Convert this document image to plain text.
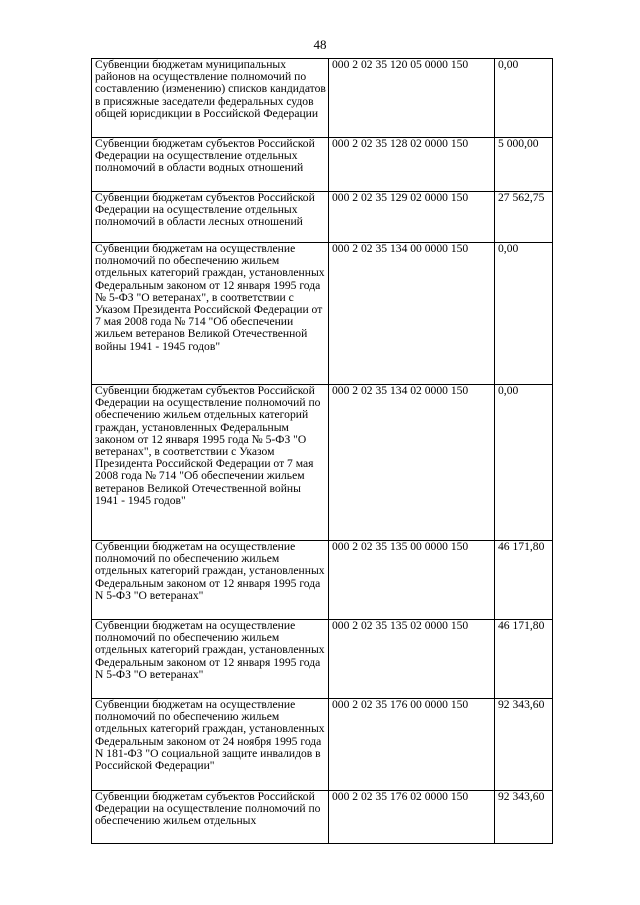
48
Субвенции бюджетам муниципальных районов на осуществление полномочий по составлению (изменению) списков кандидатов в присяжные заседатели федеральных судов общей юрисдикции в Российской Федерации	000 2 02 35 120 05 0000 150	0,00
Субвенции бюджетам субъектов Российской Федерации на осуществление отдельных полномочий в области водных отношений	000 2 02 35 128 02 0000 150	5 000,00
Субвенции бюджетам субъектов Российской Федерации на осуществление отдельных полномочий в области лесных отношений	000 2 02 35 129 02 0000 150	27 562,75
Субвенции бюджетам на осуществление полномочий по обеспечению жильем отдельных категорий граждан, установленных Федеральным законом от 12 января 1995 года № 5-ФЗ "О ветеранах", в соответствии с Указом Президента Российской Федерации от 7 мая 2008 года № 714 "Об обеспечении жильем ветеранов Великой Отечественной войны 1941 - 1945 годов"	000 2 02 35 134 00 0000 150	0,00
Субвенции бюджетам субъектов Российской Федерации на осуществление полномочий по обеспечению жильем отдельных категорий граждан, установленных Федеральным законом от 12 января 1995 года № 5-ФЗ "О ветеранах", в соответствии с Указом Президента Российской Федерации от 7 мая 2008 года № 714 "Об обеспечении жильем ветеранов Великой Отечественной войны 1941 - 1945 годов"	000 2 02 35 134 02 0000 150	0,00
Субвенции бюджетам на осуществление полномочий по обеспечению жильем отдельных категорий граждан, установленных Федеральным законом от 12 января 1995 года N 5-ФЗ "О ветеранах"	000 2 02 35 135 00 0000 150	46 171,80
Субвенции бюджетам на осуществление полномочий по обеспечению жильем отдельных категорий граждан, установленных Федеральным законом от 12 января 1995 года N 5-ФЗ "О ветеранах"	000 2 02 35 135 02 0000 150	46 171,80
Субвенции бюджетам на осуществление полномочий по обеспечению жильем отдельных категорий граждан, установленных Федеральным законом от 24 ноября 1995 года N 181-ФЗ "О социальной защите инвалидов в Российской Федерации"	000 2 02 35 176 00 0000 150	92 343,60
Субвенции бюджетам субъектов Российской Федерации на осуществление полномочий по обеспечению жильем отдельных	000 2 02 35 176 02 0000 150	92 343,60
